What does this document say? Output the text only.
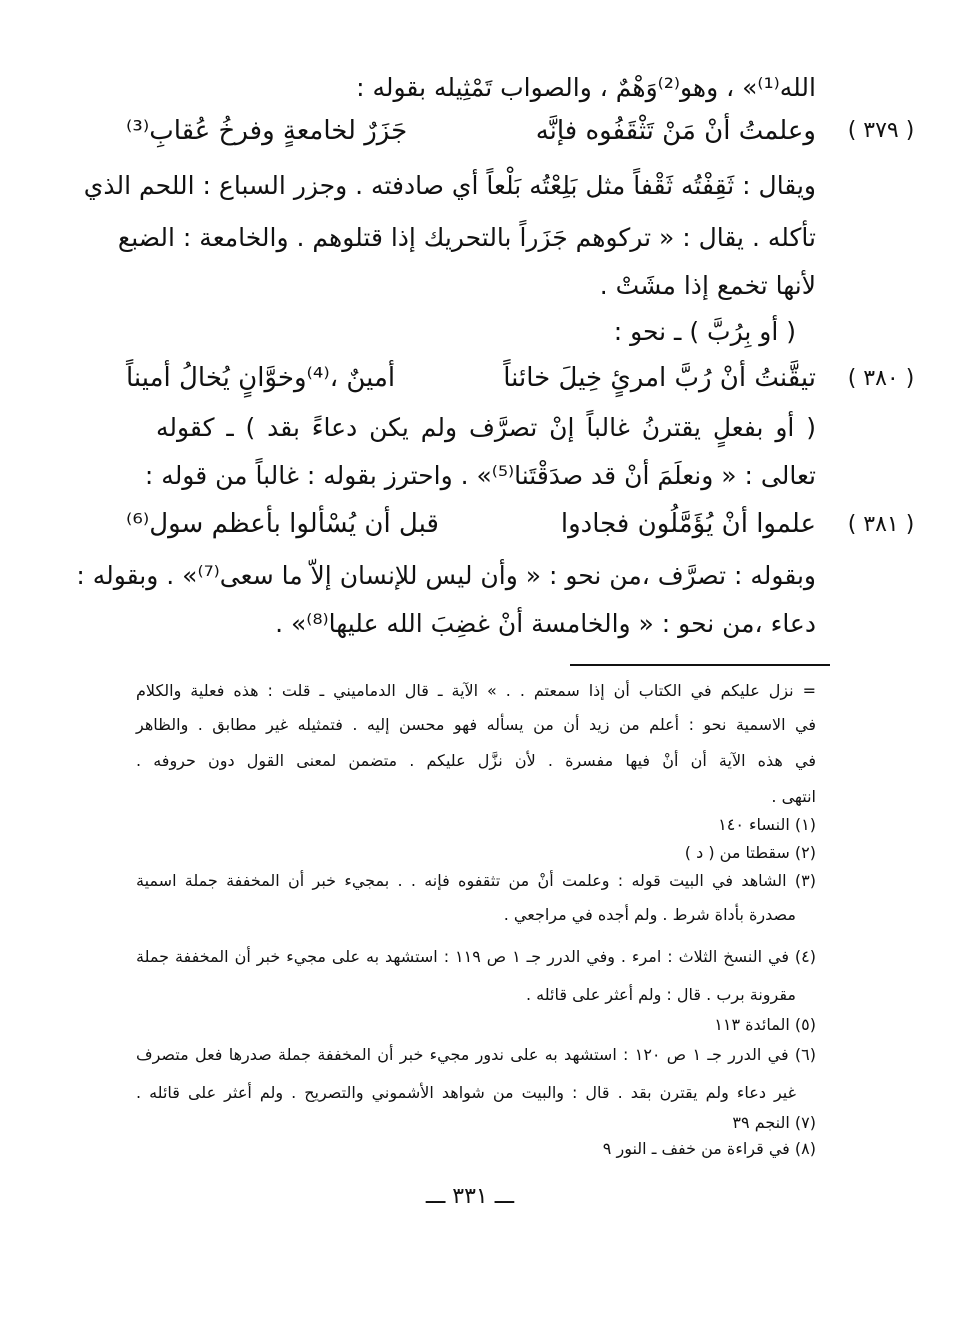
الله⁽¹⁾» ، وهو⁽²⁾وَهْمٌ ، والصواب تَمْثِيله بقوله :
( ٣٧٩ )
وعلمتُ أنْ مَنْ تَثْقَفُوه فإنَّه
جَزَرٌ لخامعةٍ وفرخُ عُقابِ⁽³⁾
ويقال : ثَقِفْتُه ثَقْفاً مثل بَلِعْتُه بَلْعاً أي صادفته . وجزر السباع : اللحم الذي
تأكله . يقال : « تركوهم جَزَراً بالتحريك إذا قتلوهم . والخامعة : الضبع
لأنها تخمع إذا مشَتْ .
( أو بِرُبَّ ) ـ نحو :
( ٣٨٠ )
تيقَّنتُ أنْ رُبَّ امرئٍ خِيلَ خائناً
أمينٌ ،⁽⁴⁾وخوَّانٍ يُخالُ أميناً
( أو بفعلٍ يقترنُ غالباً إنْ تصرَّف ولم يكن دعاءً بقد ) ـ كقوله
تعالى : « ونعلَمَ أنْ قد صدَقْتَنا⁽⁵⁾» . واحترز بقوله : غالباً من قوله :
( ٣٨١ )
علموا أنْ يُؤَمَّلُون فجادوا
قبل أن يُسْألوا بأعظم سول⁽⁶⁾
وبقوله : تصرَّف ،من نحو : « وأن ليس للإنسان إلاّ ما سعى⁽⁷⁾» . وبقوله :
دعاء ،من نحو : « والخامسة أنْ غضِبَ الله عليها⁽⁸⁾» .
= نزل عليكم في الكتاب أن إذا سمعتم . . » الآية ـ قال الدماميني ـ قلت : هذه فعلية والكلام
في الاسمية نحو : أعلم من زيد أن من يسأله فهو محسن إليه . فتمثيله غير مطابق . والظاهر
في هذه الآية أن أنْ فيها مفسرة . لأن نزَّل عليكم . متضمن لمعنى القول دون حروفه .
انتهى .
(١) النساء ١٤٠
(٢) سقطتا من ( د )
(٣) الشاهد في البيت قوله : وعلمت أنْ من تثقفوه فإنه . . بمجيء خبر أن المخففة جملة اسمية
مصدرة بأداة شرط . ولم أجده في مراجعي .
(٤) في النسخ الثلاث : امرء . وفي الدرر جـ ١ ص ١١٩ : استشهد به على مجيء خبر أن المخففة جملة
مقرونة برب . قال : ولم أعثر على قائله .
(٥) المائدة ١١٣
(٦) في الدرر جـ ١ ص ١٢٠ : استشهد به على ندور مجيء خبر أن المخففة جملة صدرها فعل متصرف
غير دعاء ولم يقترن بقد . قال : والبيت من شواهد الأشموني والتصريح . ولم أعثر على قائله .
(٧) النجم ٣٩
(٨) في قراءة من خفف ـ النور ٩
ـــ ٣٣١ ـــ
